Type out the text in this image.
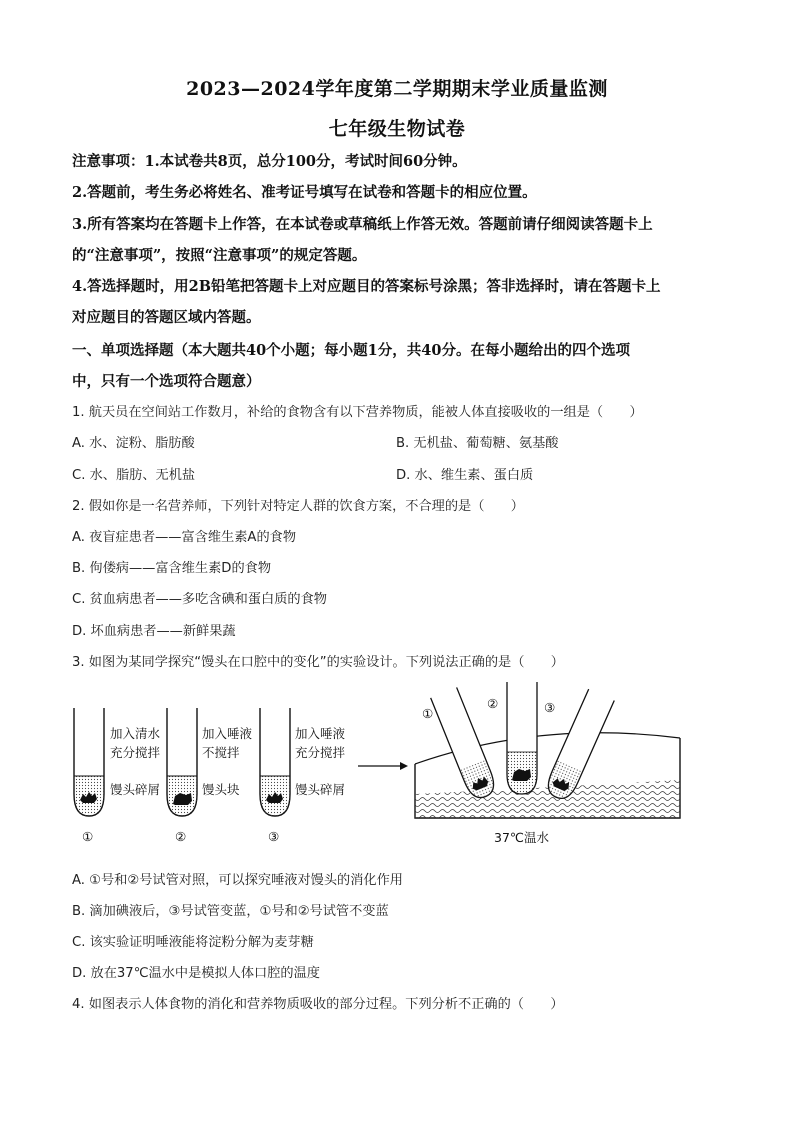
2023—2024学年度第二学期期末学业质量监测
七年级生物试卷
注意事项：1.本试卷共8页，总分100分，考试时间60分钟。
2.答题前，考生务必将姓名、准考证号填写在试卷和答题卡的相应位置。
3.所有答案均在答题卡上作答，在本试卷或草稿纸上作答无效。答题前请仔细阅读答题卡上
的“注意事项”，按照“注意事项”的规定答题。
4.答选择题时，用2B铅笔把答题卡上对应题目的答案标号涂黑；答非选择时，请在答题卡上
对应题目的答题区域内答题。
一、单项选择题（本大题共40个小题；每小题1分，共40分。在每小题给出的四个选项
中，只有一个选项符合题意）
1. 航天员在空间站工作数月，补给的食物含有以下营养物质，能被人体直接吸收的一组是（　　）
A. 水、淀粉、脂肪酸	B. 无机盐、葡萄糖、氨基酸
C. 水、脂肪、无机盐	D. 水、维生素、蛋白质
2. 假如你是一名营养师，下列针对特定人群的饮食方案，不合理的是（　　）
A. 夜盲症患者——富含维生素A的食物
B. 佝偻病——富含维生素D的食物
C. 贫血病患者——多吃含碘和蛋白质的食物
D. 坏血病患者——新鲜果蔬
3. 如图为某同学探究“馒头在口腔中的变化”的实验设计。下列说法正确的是（　　）
加入清水
充分搅拌
馒头碎屑
①
加入唾液
不搅拌
馒头块
②
加入唾液
充分搅拌
馒头碎屑
③
①
②	③
37℃温水
A. ①号和②号试管对照，可以探究唾液对馒头的消化作用
B. 滴加碘液后，③号试管变蓝，①号和②号试管不变蓝
C. 该实验证明唾液能将淀粉分解为麦芽糖
D. 放在37℃温水中是模拟人体口腔的温度
4. 如图表示人体食物的消化和营养物质吸收的部分过程。下列分析不正确的（　　）
